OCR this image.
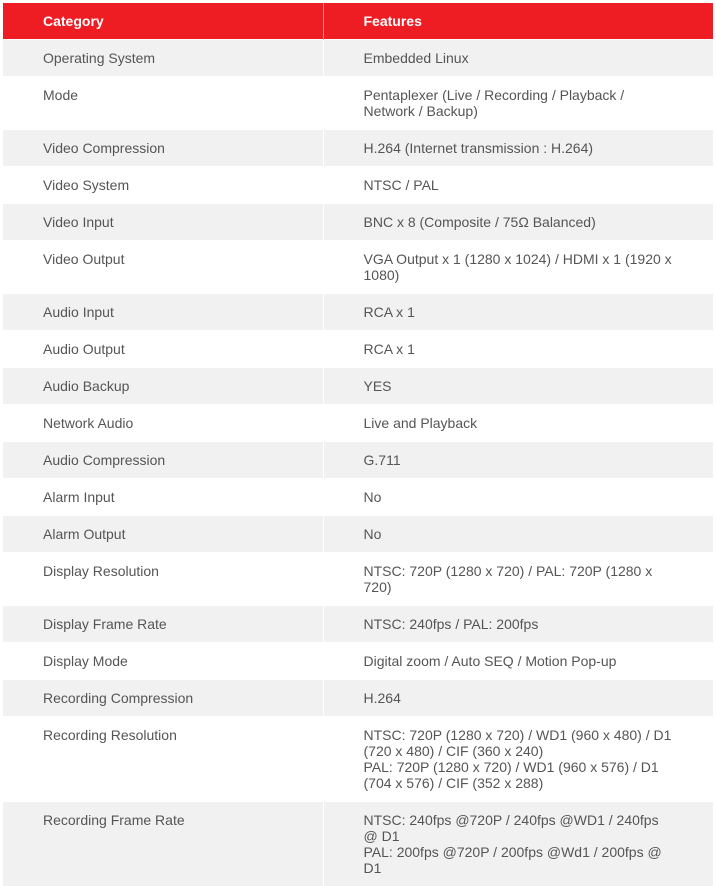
Category	Features
Operating System	Embedded Linux

Mode	Pentaplexer (Live / Recording / Playback / Network / Backup)

Video Compression	H.264 (Internet transmission : H.264)

Video System	NTSC / PAL

Video Input	BNC x 8 (Composite / 75Ω Balanced)

Video Output	VGA Output x 1 (1280 x 1024) / HDMI x 1 (1920 x 1080)

Audio Input	RCA x 1

Audio Output	RCA x 1

Audio Backup	YES

Network Audio	Live and Playback

Audio Compression	G.711

Alarm Input	No

Alarm Output	No

Display Resolution	NTSC: 720P (1280 x 720) / PAL: 720P (1280 x 720)

Display Frame Rate	NTSC: 240fps / PAL: 200fps

Display Mode	Digital zoom / Auto SEQ / Motion Pop-up

Recording Compression	H.264

Recording Resolution	NTSC: 720P (1280 x 720) / WD1 (960 x 480) / D1 (720 x 480) / CIF (360 x 240)
PAL: 720P (1280 x 720) / WD1 (960 x 576) / D1 (704 x 576) / CIF (352 x 288)

Recording Frame Rate	NTSC: 240fps @720P / 240fps @WD1 / 240fps @ D1
PAL: 200fps @720P / 200fps @Wd1 / 200fps @ D1
